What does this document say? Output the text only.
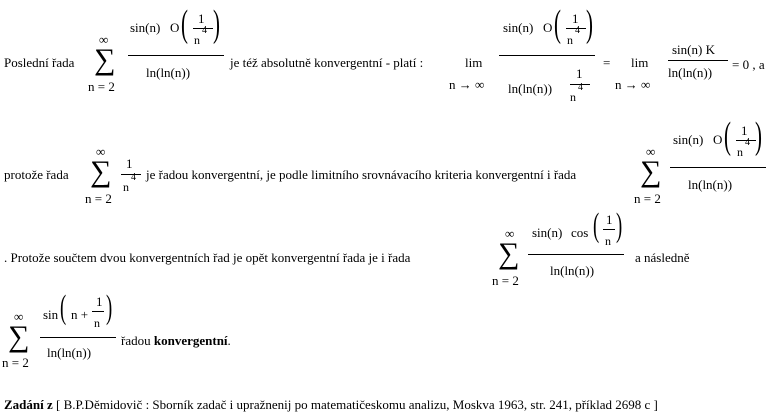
Poslední řada
∞
∑
n = 2
sin(n) O ( 1
n
4 )
ln(ln(n))
je též absolutně konvergentní - platí :	lim
n → ∞
sin(n) O ( 1
n
4 )
ln(ln(n))
1
n
4
= lim
n → ∞
sin(n) K
ln(ln(n))
= 0 , a
protože řada
∞
∑
n = 2
1
n
4 je řadou konvergentní, je podle limitního srovnávacího kriteria konvergentní i řada
∞
∑
n = 2
sin(n) O ( 1
n
4 )
ln(ln(n))
. Protože součtem dvou konvergentních řad je opět konvergentní řada je i řada
∞
∑
n = 2
sin(n) cos ( 1
n )
ln(ln(n))
a následně
∞
∑
n = 2
sin ( n +
1
n )
ln(ln(n))
řadou konvergentní.
Zadání z [ B.P.Děmidovič : Sborník zadač i upražnenij po matematičeskomu analizu, Moskva 1963, str. 241, příklad 2698 c ]
